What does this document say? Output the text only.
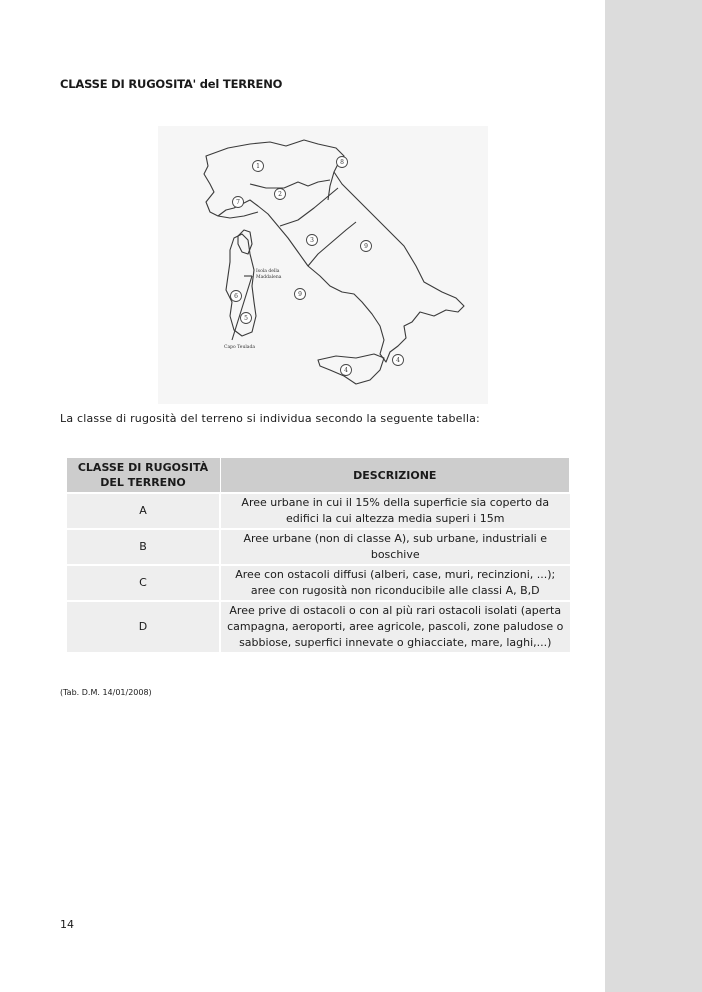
CLASSE DI RUGOSITA' del TERRENO
1
8
2
7
3
9
9
6
5
4
4
Isola della
Maddalena
Capo Teulada
La classe di rugosità del terreno si individua secondo la seguente tabella:
CLASSE DI RUGOSITÀ DEL TERRENO	DESCRIZIONE
A	Aree urbane in cui il 15% della superficie sia coperto da edifici la cui altezza media superi i 15m
B	Aree urbane (non di classe A), sub urbane, industriali e boschive
C	Aree con ostacoli diffusi (alberi, case, muri, recinzioni, ...); aree con rugosità non riconducibile alle classi A, B,D
D	Aree prive di ostacoli o con al più rari ostacoli isolati (aperta campagna, aeroporti, aree agricole, pascoli, zone paludose o sabbiose, superfici innevate o ghiacciate, mare, laghi,...)
(Tab. D.M. 14/01/2008)
14
